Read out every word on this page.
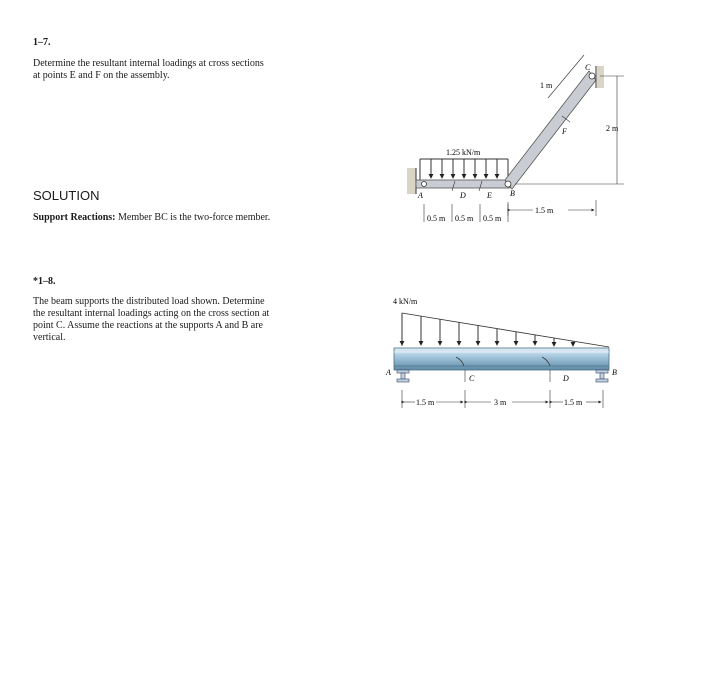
1–7.
Determine the resultant internal loadings at cross sections
at points E and F on the assembly.
SOLUTION
Support Reactions: Member BC is the two-force member.
*1–8.
The beam supports the distributed load shown. Determine
the resultant internal loadings acting on the cross section at
point C. Assume the reactions at the supports A and B are
vertical.
1.25 kN/m
A	B
C
D	E
F
1 m
2 m
1.5 m
0.5 m 0.5 m 0.5 m
4 kN/m
A	B
C	D
1.5 m	3 m	1.5 m
